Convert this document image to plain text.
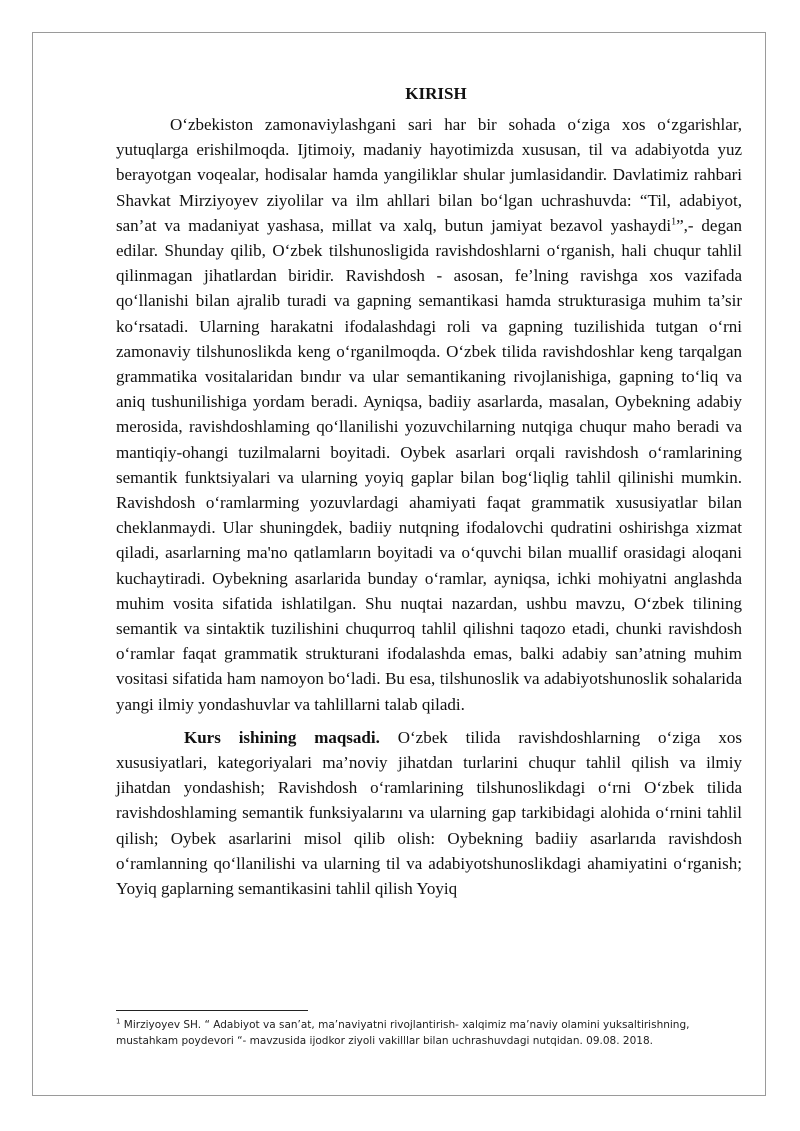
KIRISH

O‘zbekiston zamonaviylashgani sari har bir sohada o‘ziga xos o‘zgarishlar, yutuqlarga erishilmoqda. Ijtimoiy, madaniy hayotimizda xususan, til va adabiyotda yuz berayotgan voqealar, hodisalar hamda yangiliklar shular jumlasidandir. Davlatimiz rahbari Shavkat Mirziyoyev ziyolilar va ilm ahllari bilan bo‘lgan uchrashuvda: “Til, adabiyot, san’at va madaniyat yashasa, millat va xalq, butun jamiyat bezavol yashaydi$^1$”,- degan edilar. Shunday qilib, O‘zbek tilshunosligida ravishdoshlarni o‘rganish, hali chuqur tahlil qilinmagan jihatlardan biridir. Ravishdosh - asosan, fe’lning ravishga xos vazifada qo‘llanishi bilan ajralib turadi va gapning semantikasi hamda strukturasiga muhim ta’sir ko‘rsatadi. Ularning harakatni ifodalashdagi roli va gapning tuzilishida tutgan o‘rni zamonaviy tilshunoslikda keng o‘rganilmoqda. O‘zbek tilida ravishdoshlar keng tarqalgan grammatika vositalaridan bındır va ular semantikaning rivojlanishiga, gapning to‘liq va aniq tushunilishiga yordam beradi. Ayniqsa, badiiy asarlarda, masalan, Oybekning adabiy merosida, ravishdoshlaming qo‘llanilishi yozuvchilarning nutqiga chuqur maho beradi va mantiqiy-ohangi tuzilmalarni boyitadi. Oybek asarlari orqali ravishdosh o‘ramlarining semantik funktsiyalari va ularning yoyiq gaplar bilan bog‘liqlig tahlil qilinishi mumkin. Ravishdosh o‘ramlarming yozuvlardagi ahamiyati faqat grammatik xususiyatlar bilan cheklanmaydi. Ular shuningdek, badiiy nutqning ifodalovchi qudratini oshirishga xizmat qiladi, asarlarning ma'no qatlamların boyitadi va o‘quvchi bilan muallif orasidagi aloqani kuchaytiradi. Oybekning asarlarida bunday o‘ramlar, ayniqsa, ichki mohiyatni anglashda muhim vosita sifatida ishlatilgan. Shu nuqtai nazardan, ushbu mavzu, O‘zbek tilining semantik va sintaktik tuzilishini chuqurroq tahlil qilishni taqozo etadi, chunki ravishdosh o‘ramlar faqat grammatik strukturani ifodalashda emas, balki adabiy san’atning muhim vositasi sifatida ham namoyon bo‘ladi. Bu esa, tilshunoslik va adabiyotshunoslik sohalarida yangi ilmiy yondashuvlar va tahlillarni talab qiladi.

Kurs ishining maqsadi. O‘zbek tilida ravishdoshlarning o‘ziga xos xususiyatlari, kategoriyalari ma’noviy jihatdan turlarini chuqur tahlil qilish va ilmiy jihatdan yondashish; Ravishdosh o‘ramlarining tilshunoslikdagi o‘rni O‘zbek tilida ravishdoshlaming semantik funksiyalarını va ularning gap tarkibidagi alohida o‘rnini tahlil qilish; Oybek asarlarini misol qilib olish: Oybekning badiiy asarlarıda ravishdosh o‘ramlanning qo‘llanilishi va ularning til va adabiyotshunoslikdagi ahamiyatini o‘rganish; Yoyiq gaplarning semantikasini tahlil qilish Yoyiq

$^1$ Mirziyoyev SH. “ Adabiyot va san’at, ma’naviyatni rivojlantirish- xalqimiz ma’naviy olamini yuksaltirishning, mustahkam poydevori “- mavzusida ijodkor ziyoli vakilllar bilan uchrashuvdagi nutqidan. 09.08. 2018.
